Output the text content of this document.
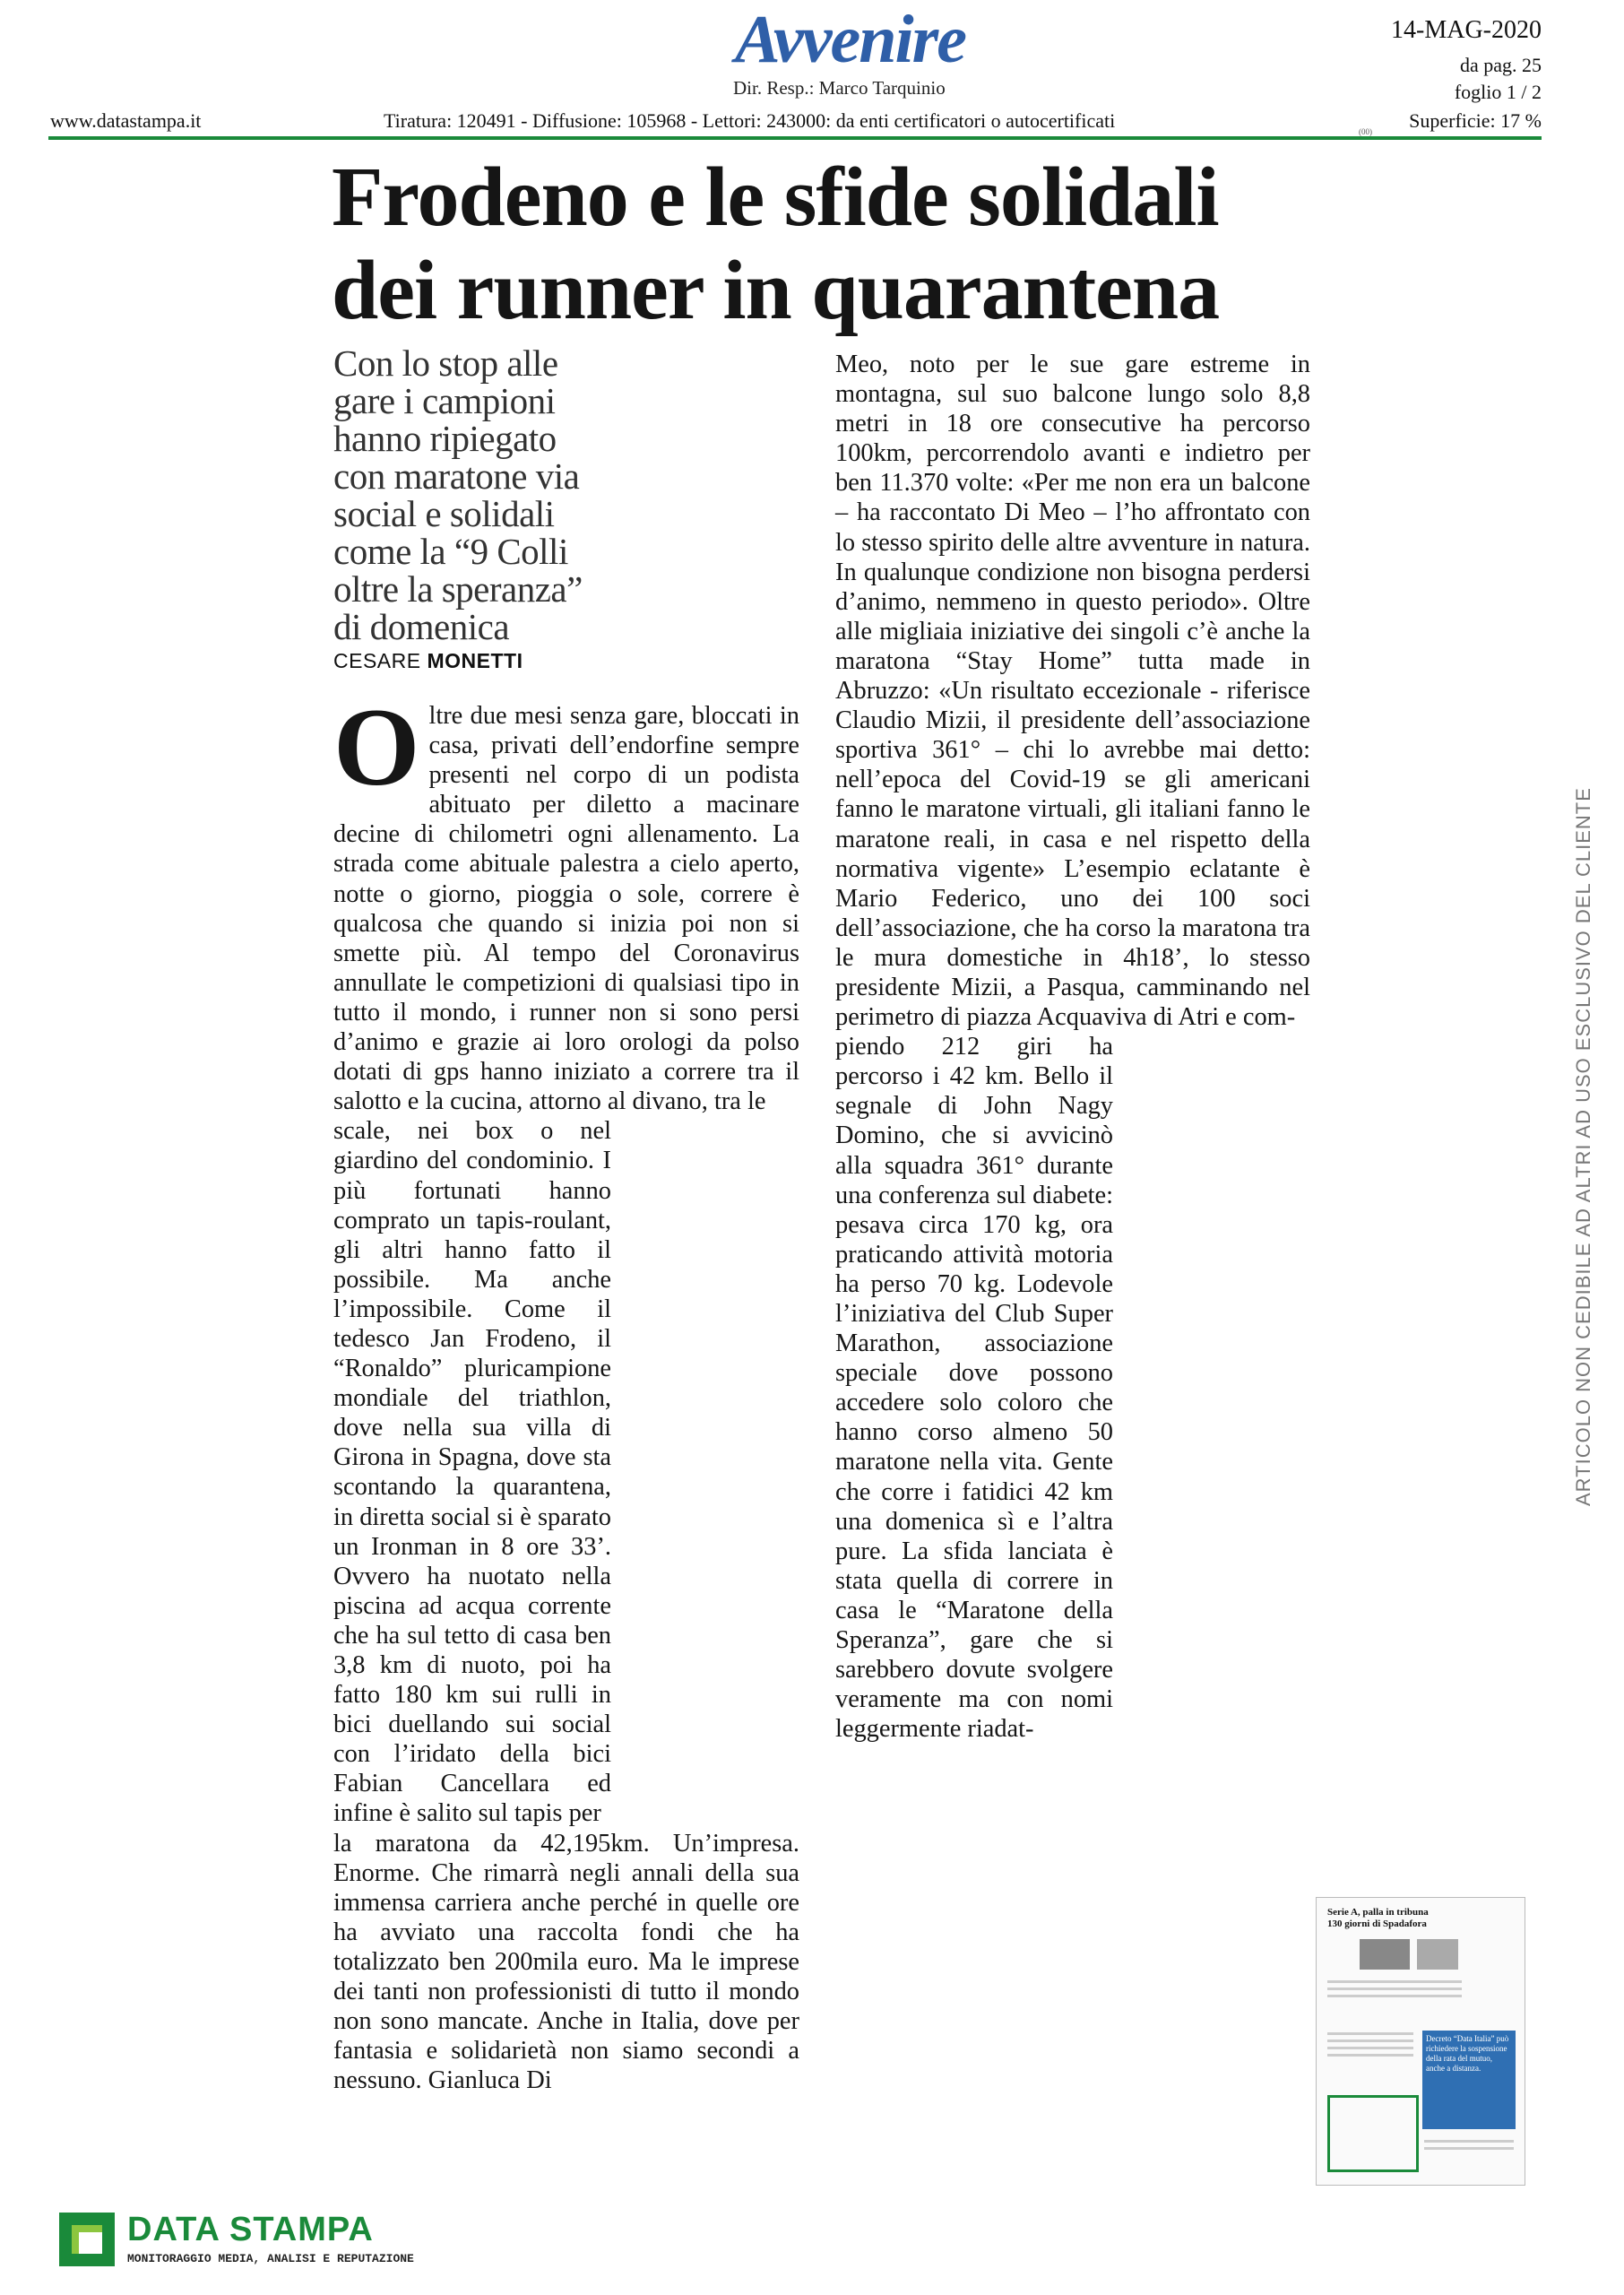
Avvenire
Dir. Resp.: Marco Tarquinio
14-MAG-2020
da pag. 25
foglio 1 / 2
www.datastampa.it	Tiratura: 120491 - Diffusione: 105968 - Lettori: 243000: da enti certificatori o autocertificati	Superficie: 17 %
(00)
Frodeno e le sfide solidali
dei runner in quarantena
Con lo stop alle gare i campioni hanno ripiegato con maratone via social e solidali come la “9 Colli oltre la speranza” di domenica
CESARE MONETTI
Oltre due mesi senza gare, bloccati in casa, privati dell’endorfine sempre presenti nel corpo di un podista abituato per diletto a macinare decine di chilometri ogni allenamento. La strada come abituale palestra a cielo aperto, notte o giorno, pioggia o sole, correre è qualcosa che quando si inizia poi non si smette più. Al tempo del Coronavirus annullate le competizioni di qualsiasi tipo in tutto il mondo, i runner non si sono persi d’animo e grazie ai loro orologi da polso dotati di gps hanno iniziato a correre tra il salotto e la cucina, attorno al divano, tra le
scale, nei box o nel giardino del condominio. I più fortunati hanno comprato un tapis-roulant, gli altri hanno fatto il possibile. Ma anche l’impossibile. Come il tedesco Jan Frodeno, il “Ronaldo” pluricampione mondiale del triathlon, dove nella sua villa di Girona in Spagna, dove sta scontando la quarantena, in diretta social si è sparato un Ironman in 8 ore 33’. Ovvero ha nuotato nella piscina ad acqua corrente che ha sul tetto di casa ben 3,8 km di nuoto, poi ha fatto 180 km sui rulli in bici duellando sui social con l’iridato della bici Fabian Cancellara ed infine è salito sul tapis per
la maratona da 42,195km. Un’impresa. Enorme. Che rimarrà negli annali della sua immensa carriera anche perché in quelle ore ha avviato una raccolta fondi che ha totalizzato ben 200mila euro. Ma le imprese dei tanti non professionisti di tutto il mondo non sono mancate. Anche in Italia, dove per fantasia e solidarietà non siamo secondi a nessuno. Gianluca Di
Meo, noto per le sue gare estreme in montagna, sul suo balcone lungo solo 8,8 metri in 18 ore consecutive ha percorso 100km, percorrendolo avanti e indietro per ben 11.370 volte: «Per me non era un balcone – ha raccontato Di Meo – l’ho affrontato con lo stesso spirito delle altre avventure in natura. In qualunque condizione non bisogna perdersi d’animo, nemmeno in questo periodo». Oltre alle migliaia iniziative dei singoli c’è anche la maratona “Stay Home” tutta made in Abruzzo: «Un risultato eccezionale - riferisce Claudio Mizii, il presidente dell’associazione sportiva 361° – chi lo avrebbe mai detto: nell’epoca del Covid-19 se gli americani fanno le maratone virtuali, gli italiani fanno le maratone reali, in casa e nel rispetto della normativa vigente» L’esempio eclatante è Mario Federico, uno dei 100 soci dell’associazione, che ha corso la maratona tra le mura domestiche in 4h18’, lo stesso presidente Mizii, a Pasqua, camminando nel perimetro di piazza Acquaviva di Atri e com-
piendo 212 giri ha percorso i 42 km. Bello il segnale di John Nagy Domino, che si avvicinò alla squadra 361° durante una conferenza sul diabete: pesava circa 170 kg, ora praticando attività motoria ha perso 70 kg. Lodevole l’iniziativa del Club Super Marathon, associazione speciale dove possono accedere solo coloro che hanno corso almeno 50 maratone nella vita. Gente che corre i fatidici 42 km una domenica sì e l’altra pure. La sfida lanciata è stata quella di correre in casa le “Maratone della Speranza”, gare che si sarebbero dovute svolgere veramente ma con nomi leggermente riadat-
ARTICOLO NON CEDIBILE AD ALTRI AD USO ESCLUSIVO DEL CLIENTE
Serie A, palla in tribuna
130 giorni di Spadafora
Decreto “Data Italia” può richiedere la sospensione della rata del mutuo, anche a distanza.
DATA STAMPA
MONITORAGGIO MEDIA, ANALISI E REPUTAZIONE
